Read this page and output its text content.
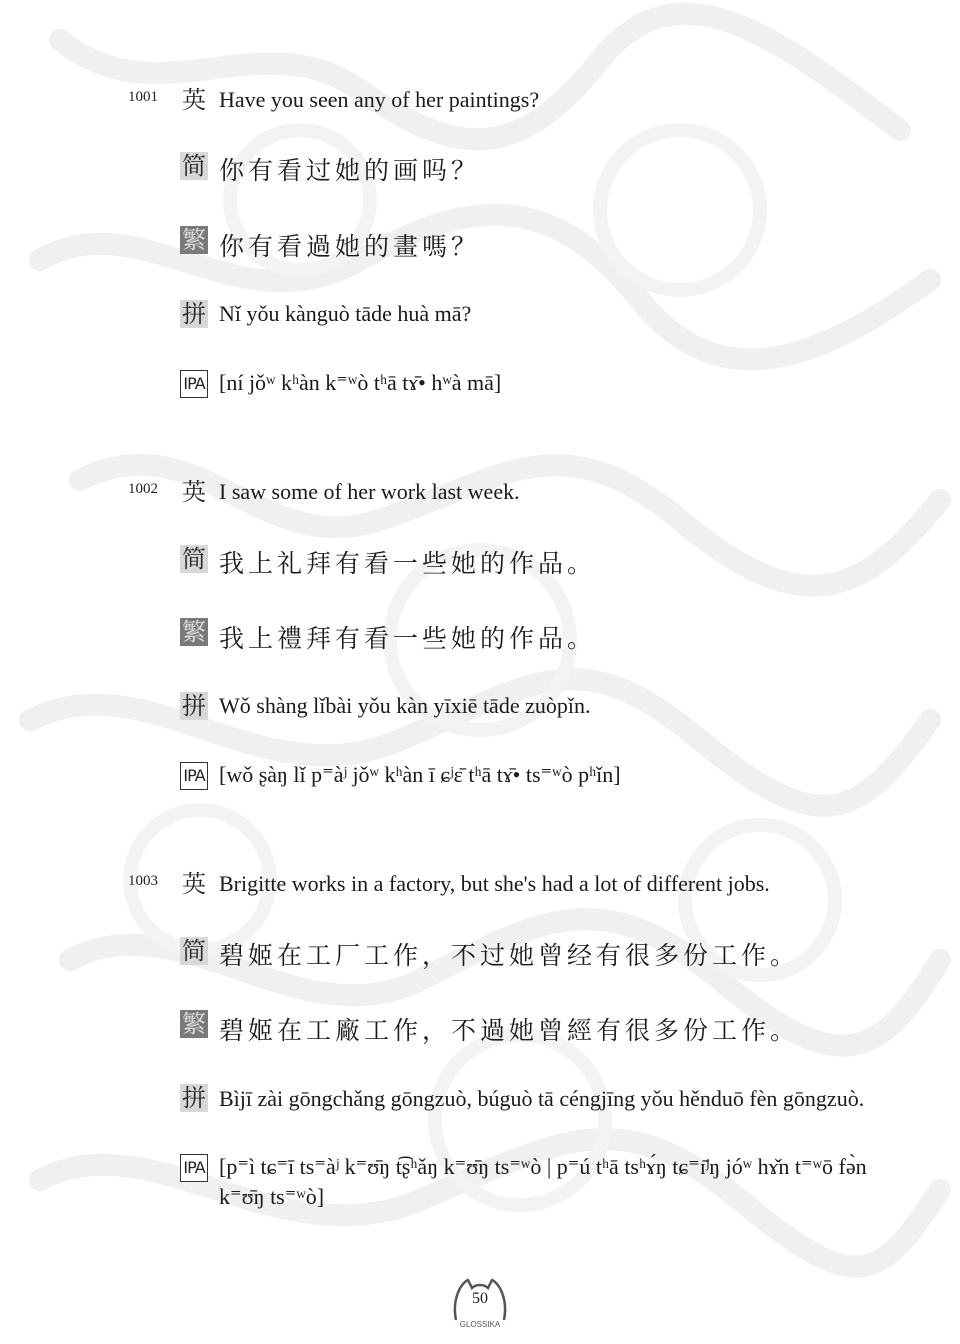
1001 英 Have you seen any of her paintings?
简 你有看过她的画吗？
繁 你有看過她的畫嗎？
拼 Nǐ yǒu kànguò tāde huà mā?
IPA [ní jǒʷ kʰàn k⁼ʷò tʰā tɤ̄• hʷà mā]
1002 英 I saw some of her work last week.
简 我上礼拜有看一些她的作品。
繁 我上禮拜有看一些她的作品。
拼 Wǒ shàng lǐbài yǒu kàn yīxiē tāde zuòpǐn.
IPA [wǒ ʂàŋ lǐ p⁼àʲ jǒʷ kʰàn ī ɕʲɛ̄ tʰā tɤ̄• ts⁼ʷò pʰǐn]
1003 英 Brigitte works in a factory, but she's had a lot of different jobs.
简 碧姬在工厂工作，不过她曾经有很多份工作。
繁 碧姬在工廠工作，不過她曾經有很多份工作。
拼 Bìjī zài gōngchǎng gōngzuò, búguò tā céngjīng yǒu hěnduō fèn gōngzuò.
IPA [p⁼ì tɕ⁼ī ts⁼àʲ k⁼ʊ̄ŋ t͡ʂʰǎŋ k⁼ʊ̄ŋ ts⁼ʷò | p⁼ú tʰā tsʰɤ́ŋ tɕ⁼ɪ̄ʲŋ jóʷ hɤ̌n t⁼ʷō fə̀n k⁼ʊ̄ŋ ts⁼ʷò]
GLOSSIKA
50
